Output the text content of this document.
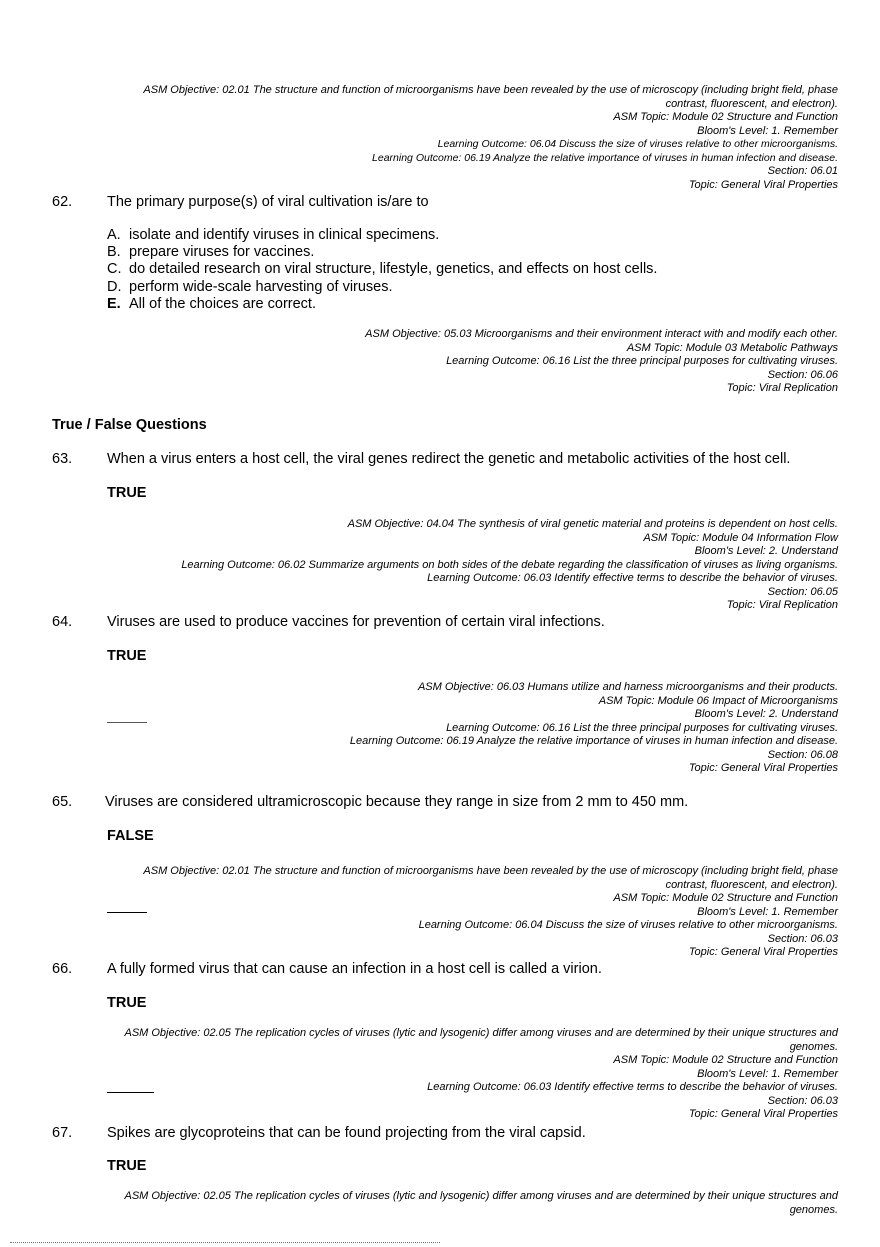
ASM Objective: 02.01 The structure and function of microorganisms have been revealed by the use of microscopy (including bright field, phase
contrast, fluorescent, and electron).
ASM Topic: Module 02 Structure and Function
Bloom's Level: 1. Remember
Learning Outcome: 06.04 Discuss the size of viruses relative to other microorganisms.
Learning Outcome: 06.19 Analyze the relative importance of viruses in human infection and disease.
Section: 06.01
Topic: General Viral Properties
62. The primary purpose(s) of viral cultivation is/are to
A. isolate and identify viruses in clinical specimens.
B. prepare viruses for vaccines.
C. do detailed research on viral structure, lifestyle, genetics, and effects on host cells.
D. perform wide-scale harvesting of viruses.
E. All of the choices are correct.
ASM Objective: 05.03 Microorganisms and their environment interact with and modify each other.
ASM Topic: Module 03 Metabolic Pathways
Learning Outcome: 06.16 List the three principal purposes for cultivating viruses.
Section: 06.06
Topic: Viral Replication
True / False Questions
63. When a virus enters a host cell, the viral genes redirect the genetic and metabolic activities of the host cell.
TRUE
ASM Objective: 04.04 The synthesis of viral genetic material and proteins is dependent on host cells.
ASM Topic: Module 04 Information Flow
Bloom's Level: 2. Understand
Learning Outcome: 06.02 Summarize arguments on both sides of the debate regarding the classification of viruses as living organisms.
Learning Outcome: 06.03 Identify effective terms to describe the behavior of viruses.
Section: 06.05
Topic: Viral Replication
64. Viruses are used to produce vaccines for prevention of certain viral infections.
TRUE
ASM Objective: 06.03 Humans utilize and harness microorganisms and their products.
ASM Topic: Module 06 Impact of Microorganisms
Bloom's Level: 2. Understand
Learning Outcome: 06.16 List the three principal purposes for cultivating viruses.
Learning Outcome: 06.19 Analyze the relative importance of viruses in human infection and disease.
Section: 06.08
Topic: General Viral Properties
65. Viruses are considered ultramicroscopic because they range in size from 2 mm to 450 mm.
FALSE
ASM Objective: 02.01 The structure and function of microorganisms have been revealed by the use of microscopy (including bright field, phase
contrast, fluorescent, and electron).
ASM Topic: Module 02 Structure and Function
Bloom's Level: 1. Remember
Learning Outcome: 06.04 Discuss the size of viruses relative to other microorganisms.
Section: 06.03
Topic: General Viral Properties
66. A fully formed virus that can cause an infection in a host cell is called a virion.
TRUE
ASM Objective: 02.05 The replication cycles of viruses (lytic and lysogenic) differ among viruses and are determined by their unique structures and
genomes.
ASM Topic: Module 02 Structure and Function
Bloom's Level: 1. Remember
Learning Outcome: 06.03 Identify effective terms to describe the behavior of viruses.
Section: 06.03
Topic: General Viral Properties
67. Spikes are glycoproteins that can be found projecting from the viral capsid.
TRUE
ASM Objective: 02.05 The replication cycles of viruses (lytic and lysogenic) differ among viruses and are determined by their unique structures and
genomes.
